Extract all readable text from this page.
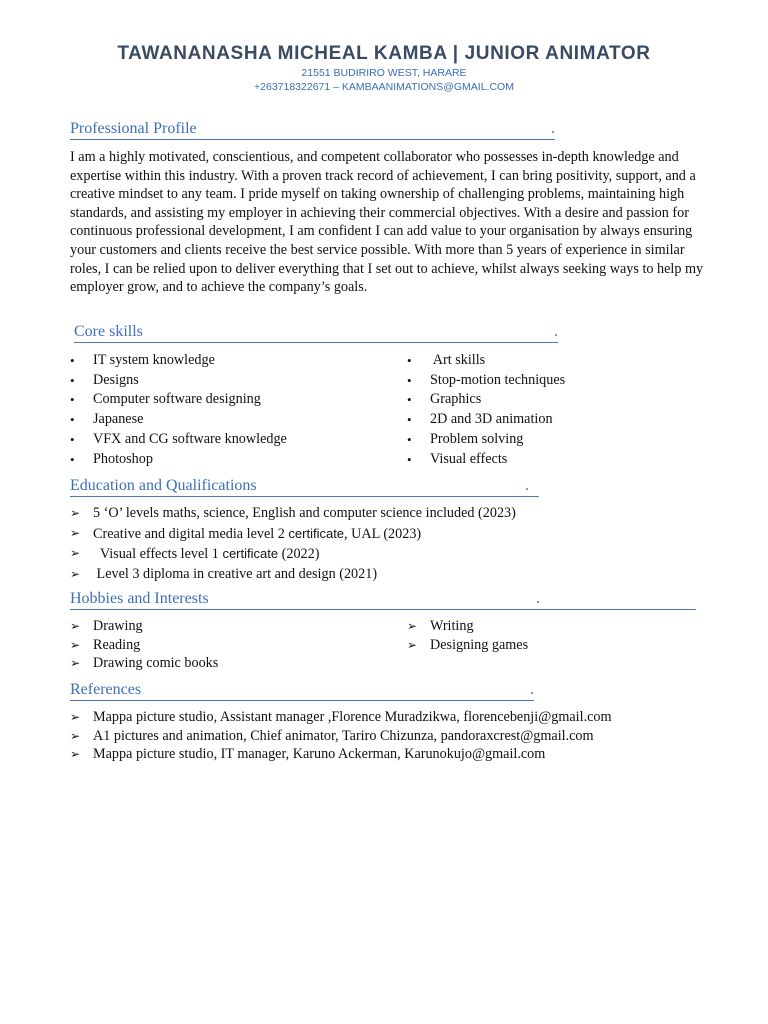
TAWANANASHA MICHEAL KAMBA | JUNIOR ANIMATOR

21551 BUDIRIRO WEST, HARARE

+263718322671 – KAMBAANIMATIONS@GMAIL.COM

Professional Profile	.

I am a highly motivated, conscientious, and competent collaborator who possesses in-depth knowledge and expertise within this industry. With a proven track record of achievement, I can bring positivity, support, and a creative mindset to any team. I pride myself on taking ownership of challenging problems, maintaining high standards, and assisting my employer in achieving their commercial objectives. With a desire and passion for continuous professional development, I am confident I can add value to your organisation by always ensuring your customers and clients receive the best service possible. With more than 5 years of experience in similar roles, I can be relied upon to deliver everything that I set out to achieve, whilst always seeking ways to help my employer grow, and to achieve the company’s goals.

Core skills	.
• IT system knowledge
• Designs
• Computer software designing
• Japanese
• VFX and CG software knowledge
• Photoshop
• Art skills
• Stop-motion techniques
• Graphics
• 2D and 3D animation
• Problem solving
• Visual effects
Education and Qualifications	.
➢ 5 ‘O’ levels maths, science, English and computer science included (2023)
➢ Creative and digital media level 2 certificate, UAL (2023)
➢ Visual effects level 1 certificate (2022)
➢ Level 3 diploma in creative art and design (2021)
Hobbies and Interests	.
➢ Drawing
➢ Reading
➢ Drawing comic books
➢ Writing
➢ Designing games
References	.
➢ Mappa picture studio, Assistant manager ,Florence Muradzikwa, florencebenji@gmail.com
➢ A1 pictures and animation, Chief animator, Tariro Chizunza, pandoraxcrest@gmail.com
➢ Mappa picture studio, IT manager, Karuno Ackerman, Karunokujo@gmail.com
